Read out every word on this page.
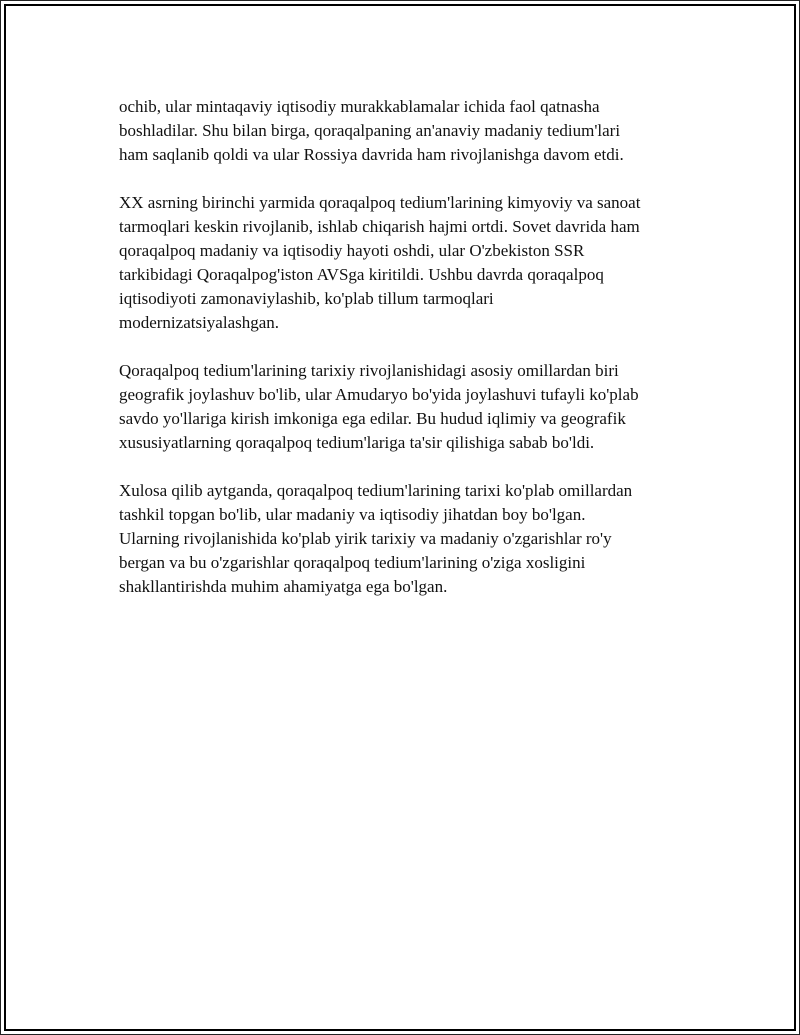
ochib, ular mintaqaviy iqtisodiy murakkablamalar ichida faol qatnasha
boshladilar. Shu bilan birga, qoraqalpaning an'anaviy madaniy tedium'lari
ham saqlanib qoldi va ular Rossiya davrida ham rivojlanishga davom etdi.

XX asrning birinchi yarmida qoraqalpoq tedium'larining kimyoviy va sanoat
tarmoqlari keskin rivojlanib, ishlab chiqarish hajmi ortdi. Sovet davrida ham
qoraqalpoq madaniy va iqtisodiy hayoti oshdi, ular O'zbekiston SSR
tarkibidagi Qoraqalpog'iston AVSga kiritildi. Ushbu davrda qoraqalpoq
iqtisodiyoti zamonaviylashib, ko'plab tillum tarmoqlari
modernizatsiyalashgan.

Qoraqalpoq tedium'larining tarixiy rivojlanishidagi asosiy omillardan biri
geografik joylashuv bo'lib, ular Amudaryo bo'yida joylashuvi tufayli ko'plab
savdo yo'llariga kirish imkoniga ega edilar. Bu hudud iqlimiy va geografik
xususiyatlarning qoraqalpoq tedium'lariga ta'sir qilishiga sabab bo'ldi.

Xulosa qilib aytganda, qoraqalpoq tedium'larining tarixi ko'plab omillardan
tashkil topgan bo'lib, ular madaniy va iqtisodiy jihatdan boy bo'lgan.
Ularning rivojlanishida ko'plab yirik tarixiy va madaniy o'zgarishlar ro'y
bergan va bu o'zgarishlar qoraqalpoq tedium'larining o'ziga xosligini
shakllantirishda muhim ahamiyatga ega bo'lgan.
